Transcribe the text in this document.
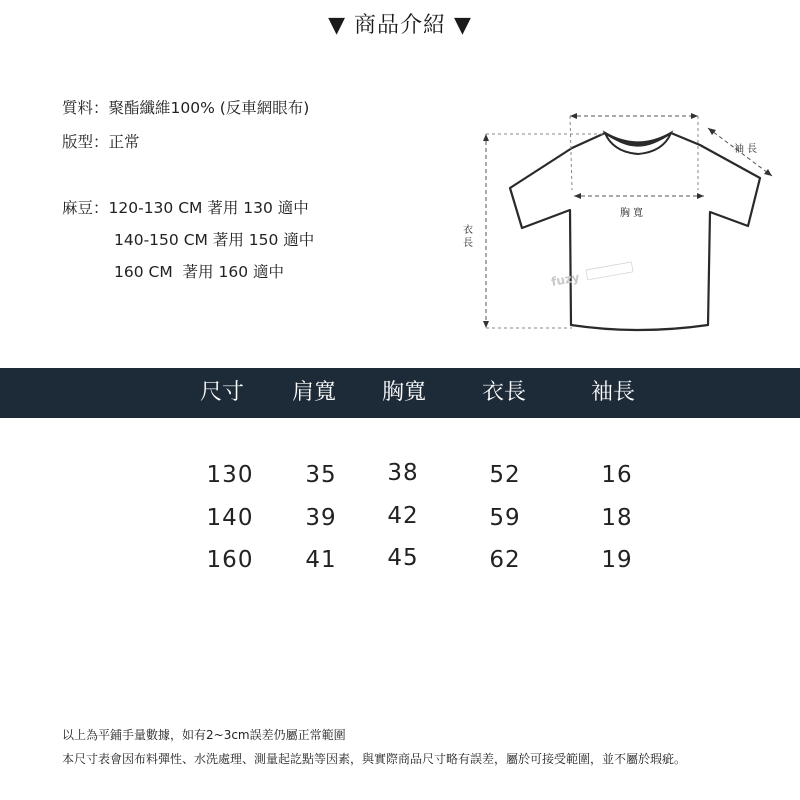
▼ 商品介紹 ▼
質料：聚酯纖維100% (反車網眼布)
版型：正常
麻豆：120-130 CM 著用 130 適中
140-150 CM 著用 150 適中
160 CM  著用 160 適中
袖長
胸寬
衣長
fuzy
尺寸	肩寬	胸寬	衣長	袖長
130	35	38	52	16
140	39	42	59	18
160	41	45	62	19
以上為平鋪手量數據，如有2~3cm誤差仍屬正常範圍
本尺寸表會因布料彈性、水洗處理、測量起訖點等因素，與實際商品尺寸略有誤差，屬於可接受範圍，並不屬於瑕疵。
